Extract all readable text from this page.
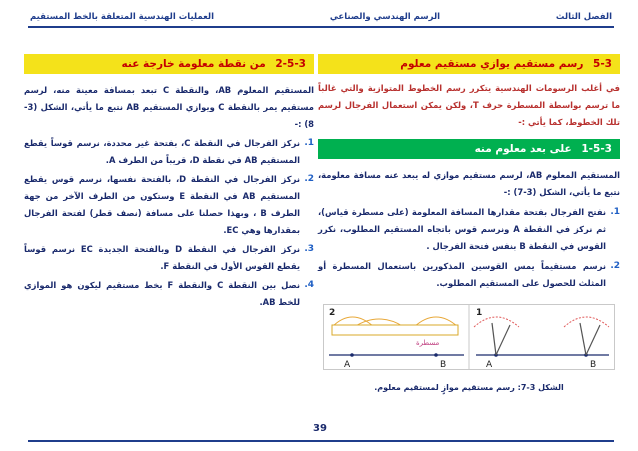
الفصل الثالث
الرسم الهندسي والصناعي
العمليات الهندسية المتعلقة بالخط المستقيم
5-3 رسم مستقيم يوازي مستقيم معلوم
في أغلب الرسومات الهندسية يتكرر رسم الخطوط المتوازية والتي غالباً ما ترسم بواسطة المسطرة حرف T، ولكن يمكن استعمال الفرجال لرسم تلك الخطوط، كما يأتي :-
1-5-3 على بعد معلوم منه
المستقيم المعلوم AB، لرسم مستقيم موازي له يبعد عنه مسافة معلومة، نتبع ما يأتي، الشكل (3-7) :-
1.
نفتح الفرجال بفتحة مقدارها المسافة المعلومة (على مسطرة قياس)، ثم نركز في النقطة A ونرسم قوس باتجاه المستقيم المطلوب، نكرر القوس في النقطة B بنفس فتحة الفرجال .
2.
نرسم مستقيماً يمس القوسين المذكورين باستعمال المسطرة أو المثلث للحصول على المستقيم المطلوب.
2-5-3 من نقطة معلومة خارجة عنه
المستقيم المعلوم AB، والنقطة C تبعد بمسافة معينة منه، لرسم مستقيم يمر بالنقطة C ويوازي المستقيم AB نتبع ما يأتي، الشكل (3-8) :-
1.
نركز الفرجال في النقطة C، بفتحة غير محددة، نرسم قوساً يقطع المستقيم AB في نقطة D، قريباً من الطرف A.
2.
نركز الفرجال في النقطة D، بالفتحة نفسها، نرسم قوس يقطع المستقيم AB في النقطة E وستكون من الطرف الآخر من جهة الطرف B ، وبهذا حصلنا على مسافة (نصف قطر) لفتحة الفرجال بمقدارها وهي EC.
3.
نركز الفرجال في النقطة D وبالفتحة الجديدة EC نرسم قوساً يقطع القوس الأول في النقطة F.
4.
نصل بين النقطة C والنقطة F بخط مستقيم ليكون هو الموازي للخط AB.
1
A	B
2
مسطرة
A	B
الشكل 3-7: رسم مستقيم موازٍ لمستقيم معلوم.
39
